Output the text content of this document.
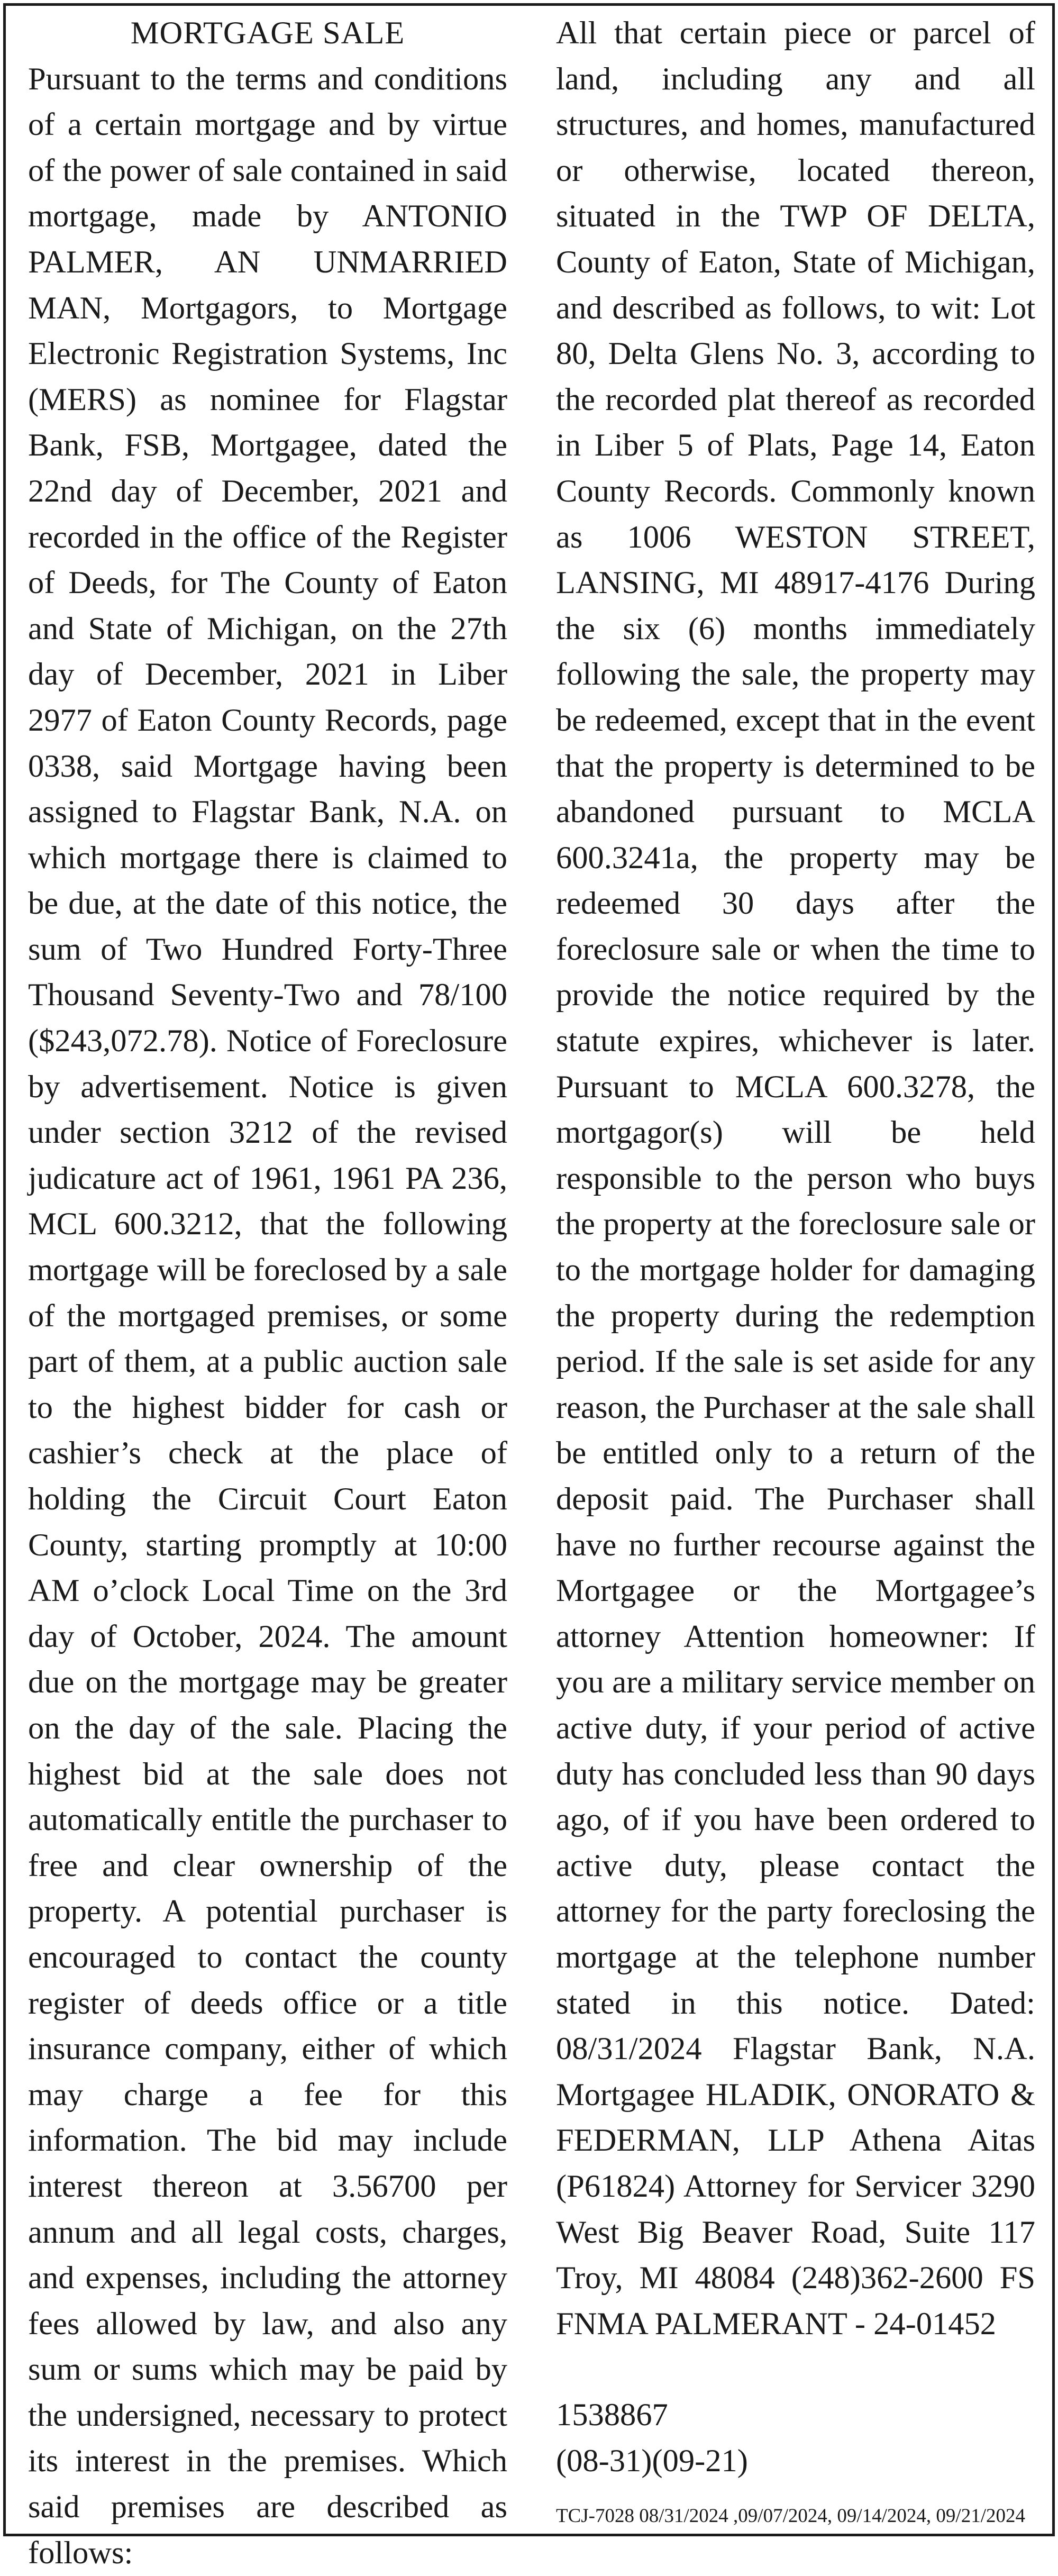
MORTGAGE SALE

Pursuant to the terms and conditions of a certain mortgage and by virtue of the power of sale contained in said mortgage, made by ANTONIO PALMER, AN UNMARRIED MAN, Mortgagors, to Mortgage Electronic Registration Systems, Inc (MERS) as nominee for Flagstar Bank, FSB, Mortgagee, dated the 22nd day of December, 2021 and recorded in the office of the Register of Deeds, for The County of Eaton and State of Michigan, on the 27th day of December, 2021 in Liber 2977 of Eaton County Records, page 0338, said Mortgage having been assigned to Flagstar Bank, N.A. on which mortgage there is claimed to be due, at the date of this notice, the sum of Two Hundred Forty-Three Thousand Seventy-Two and 78/100 ($243,072.78). Notice of Foreclosure by advertisement. Notice is given under section 3212 of the revised judicature act of 1961, 1961 PA 236, MCL 600.3212, that the following mortgage will be foreclosed by a sale of the mortgaged premises, or some part of them, at a public auction sale to the highest bidder for cash or cashier’s check at the place of holding the Circuit Court Eaton County, starting promptly at 10:00 AM o’clock Local Time on the 3rd day of October, 2024. The amount due on the mortgage may be greater on the day of the sale. Placing the highest bid at the sale does not automatically entitle the purchaser to free and clear ownership of the property. A potential purchaser is encouraged to contact the county register of deeds office or a title insurance company, either of which may charge a fee for this information. The bid may include interest thereon at 3.56700 per annum and all legal costs, charges, and expenses, including the attorney fees allowed by law, and also any sum or sums which may be paid by the undersigned, necessary to protect its interest in the premises. Which said premises are described as follows:

All that certain piece or parcel of land, including any and all structures, and homes, manufactured or otherwise, located thereon, situated in the TWP OF DELTA, County of Eaton, State of Michigan, and described as follows, to wit: Lot 80, Delta Glens No. 3, according to the recorded plat thereof as recorded in Liber 5 of Plats, Page 14, Eaton County Records. Commonly known as 1006 WESTON STREET, LANSING, MI 48917-4176 During the six (6) months immediately following the sale, the property may be redeemed, except that in the event that the property is determined to be abandoned pursuant to MCLA 600.3241a, the property may be redeemed 30 days after the foreclosure sale or when the time to provide the notice required by the statute expires, whichever is later. Pursuant to MCLA 600.3278, the mortgagor(s) will be held responsible to the person who buys the property at the foreclosure sale or to the mortgage holder for damaging the property during the redemption period. If the sale is set aside for any reason, the Purchaser at the sale shall be entitled only to a return of the deposit paid. The Purchaser shall have no further recourse against the Mortgagee or the Mortgagee’s attorney Attention homeowner: If you are a military service member on active duty, if your period of active duty has concluded less than 90 days ago, of if you have been ordered to active duty, please contact the attorney for the party foreclosing the mortgage at the telephone number stated in this notice. Dated: 08/31/2024 Flagstar Bank, N.A. Mortgagee HLADIK, ONORATO & FEDERMAN, LLP Athena Aitas (P61824) Attorney for Servicer 3290 West Big Beaver Road, Suite 117 Troy, MI 48084 (248)362-2600 FS FNMA PALMERANT - 24-01452

1538867
(08-31)(09-21)
TCJ-7028 08/31/2024 ,09/07/2024, 09/14/2024, 09/21/2024
